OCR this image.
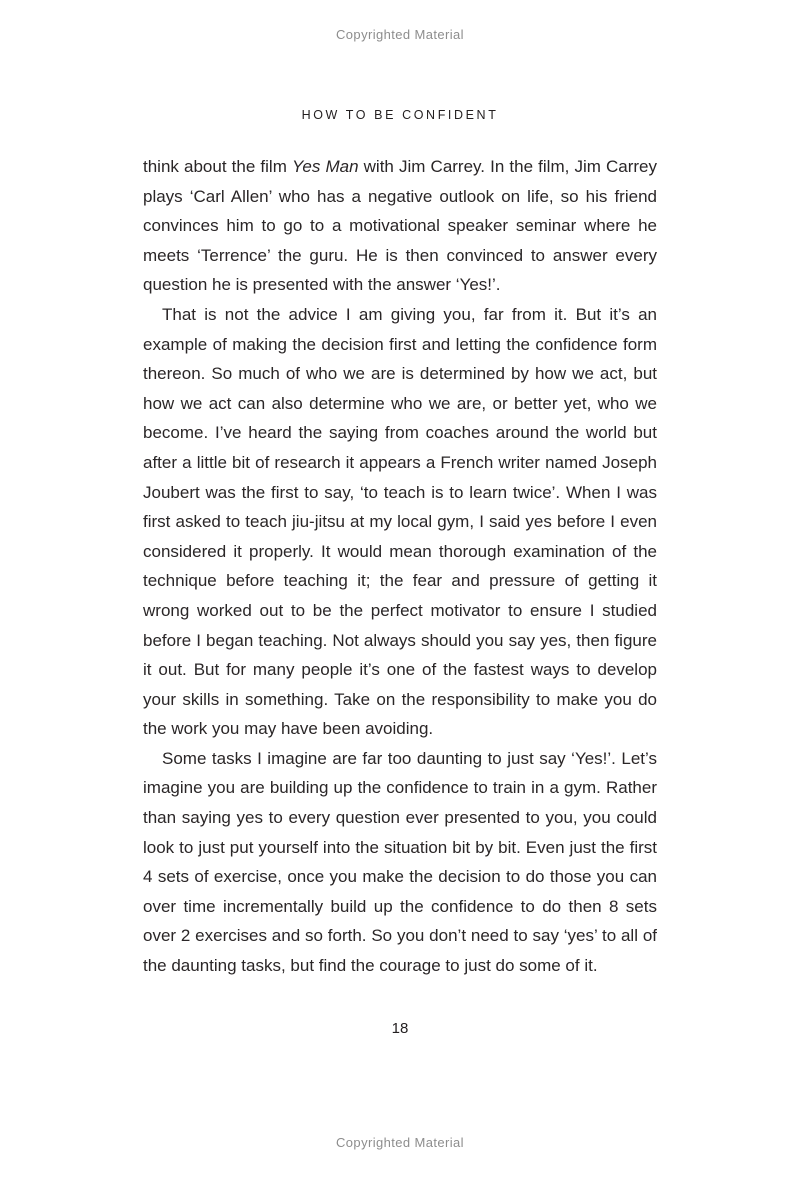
Copyrighted Material
HOW TO BE CONFIDENT

think about the film Yes Man with Jim Carrey. In the film, Jim Carrey plays ‘Carl Allen’ who has a negative outlook on life, so his friend convinces him to go to a motivational speaker seminar where he meets ‘Terrence’ the guru. He is then convinced to answer every question he is presented with the answer ‘Yes!’.

That is not the advice I am giving you, far from it. But it’s an example of making the decision first and letting the confidence form thereon. So much of who we are is determined by how we act, but how we act can also determine who we are, or better yet, who we become. I’ve heard the saying from coaches around the world but after a little bit of research it appears a French writer named Joseph Joubert was the first to say, ‘to teach is to learn twice’. When I was first asked to teach jiu-jitsu at my local gym, I said yes before I even considered it properly. It would mean thorough examination of the technique before teaching it; the fear and pressure of getting it wrong worked out to be the perfect motivator to ensure I studied before I began teaching. Not always should you say yes, then figure it out. But for many people it’s one of the fastest ways to develop your skills in something. Take on the responsibility to make you do the work you may have been avoiding.

Some tasks I imagine are far too daunting to just say ‘Yes!’. Let’s imagine you are building up the confidence to train in a gym. Rather than saying yes to every question ever presented to you, you could look to just put yourself into the situation bit by bit. Even just the first 4 sets of exercise, once you make the decision to do those you can over time incrementally build up the confidence to do then 8 sets over 2 exercises and so forth. So you don’t need to say ‘yes’ to all of the daunting tasks, but find the courage to just do some of it.

18
Copyrighted Material
